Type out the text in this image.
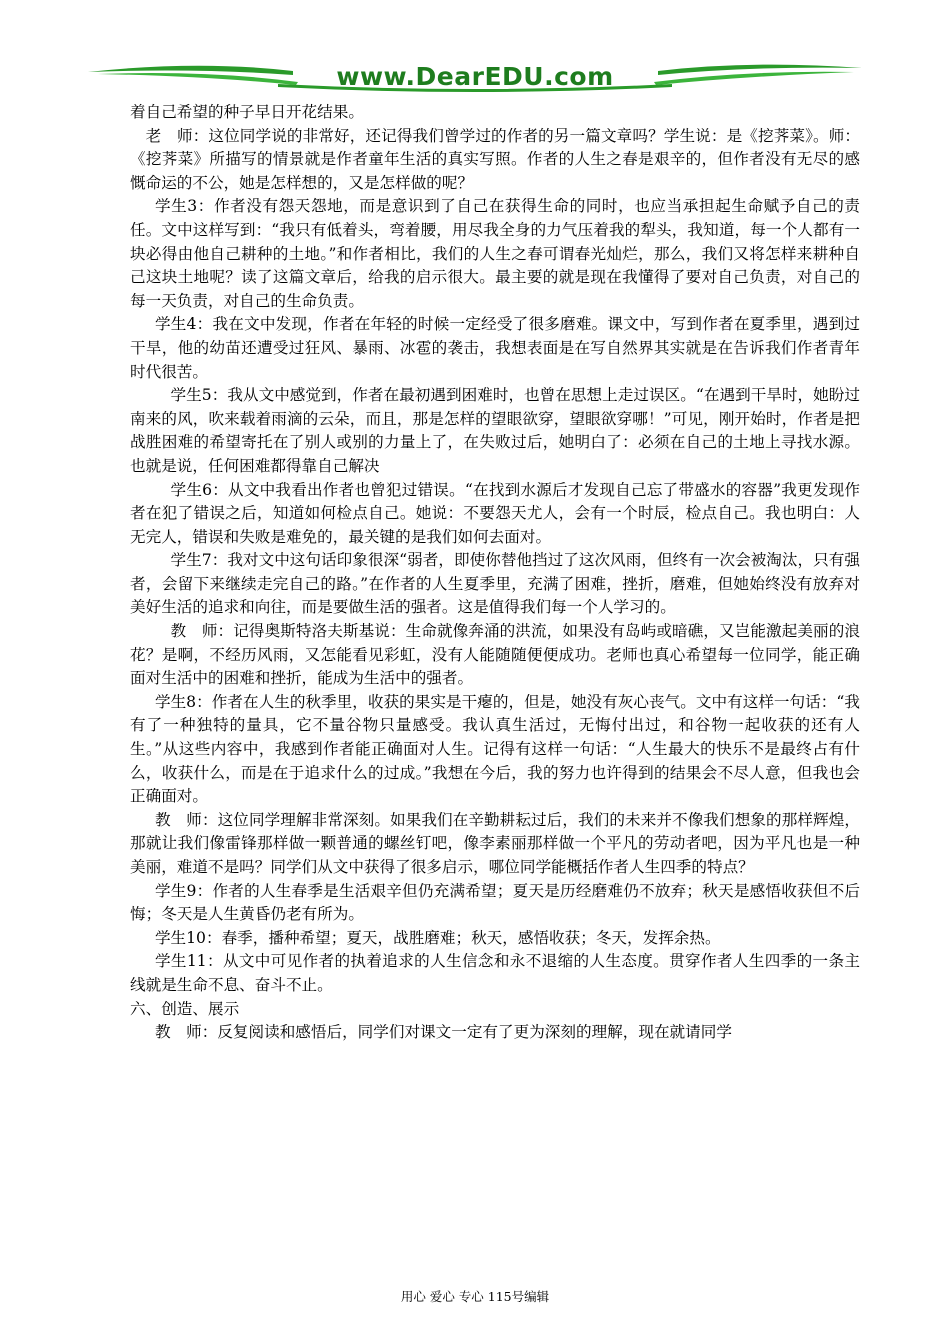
www.DearEDU.com

着自己希望的种子早日开花结果。

老　师：这位同学说的非常好，还记得我们曾学过的作者的另一篇文章吗？学生说：是《挖荠菜》。师：《挖荠菜》所描写的情景就是作者童年生活的真实写照。作者的人生之春是艰辛的，但作者没有无尽的感慨命运的不公，她是怎样想的，又是怎样做的呢？

学生3：作者没有怨天怨地，而是意识到了自己在获得生命的同时，也应当承担起生命赋予自己的责任。文中这样写到：“我只有低着头，弯着腰，用尽我全身的力气压着我的犁头，我知道，每一个人都有一块必得由他自己耕种的土地。”和作者相比，我们的人生之春可谓春光灿烂，那么，我们又将怎样来耕种自己这块土地呢？读了这篇文章后，给我的启示很大。最主要的就是现在我懂得了要对自己负责，对自己的每一天负责，对自己的生命负责。

学生4：我在文中发现，作者在年轻的时候一定经受了很多磨难。课文中，写到作者在夏季里，遇到过干旱，他的幼苗还遭受过狂风、暴雨、冰雹的袭击，我想表面是在写自然界其实就是在告诉我们作者青年时代很苦。

学生5：我从文中感觉到，作者在最初遇到困难时，也曾在思想上走过误区。“在遇到干旱时，她盼过南来的风，吹来载着雨滴的云朵，而且，那是怎样的望眼欲穿，望眼欲穿哪！”可见，刚开始时，作者是把战胜困难的希望寄托在了别人或别的力量上了，在失败过后，她明白了：必须在自己的土地上寻找水源。也就是说，任何困难都得靠自己解决

学生6：从文中我看出作者也曾犯过错误。“在找到水源后才发现自己忘了带盛水的容器”我更发现作者在犯了错误之后，知道如何检点自己。她说：不要怨天尤人，会有一个时辰，检点自己。我也明白：人无完人，错误和失败是难免的，最关键的是我们如何去面对。

学生7：我对文中这句话印象很深“弱者，即使你替他挡过了这次风雨，但终有一次会被淘汰，只有强者，会留下来继续走完自己的路。”在作者的人生夏季里，充满了困难，挫折，磨难，但她始终没有放弃对美好生活的追求和向往，而是要做生活的强者。这是值得我们每一个人学习的。

教　师：记得奥斯特洛夫斯基说：生命就像奔涌的洪流，如果没有岛屿或暗礁，又岂能激起美丽的浪花？是啊，不经历风雨，又怎能看见彩虹，没有人能随随便便成功。老师也真心希望每一位同学，能正确面对生活中的困难和挫折，能成为生活中的强者。

学生8：作者在人生的秋季里，收获的果实是干瘪的，但是，她没有灰心丧气。文中有这样一句话：“我有了一种独特的量具，它不量谷物只量感受。我认真生活过，无悔付出过，和谷物一起收获的还有人生。”从这些内容中，我感到作者能正确面对人生。记得有这样一句话：“人生最大的快乐不是最终占有什么，收获什么，而是在于追求什么的过成。”我想在今后，我的努力也许得到的结果会不尽人意，但我也会正确面对。

教　师：这位同学理解非常深刻。如果我们在辛勤耕耘过后，我们的未来并不像我们想象的那样辉煌，那就让我们像雷锋那样做一颗普通的螺丝钉吧，像李素丽那样做一个平凡的劳动者吧，因为平凡也是一种美丽，难道不是吗？同学们从文中获得了很多启示，哪位同学能概括作者人生四季的特点？

学生9：作者的人生春季是生活艰辛但仍充满希望；夏天是历经磨难仍不放弃；秋天是感悟收获但不后悔；冬天是人生黄昏仍老有所为。

学生10：春季，播种希望；夏天，战胜磨难；秋天，感悟收获；冬天，发挥余热。

学生11：从文中可见作者的执着追求的人生信念和永不退缩的人生态度。贯穿作者人生四季的一条主线就是生命不息、奋斗不止。

六、创造、展示

教　师：反复阅读和感悟后，同学们对课文一定有了更为深刻的理解，现在就请同学

用心 爱心 专心 115号编辑
